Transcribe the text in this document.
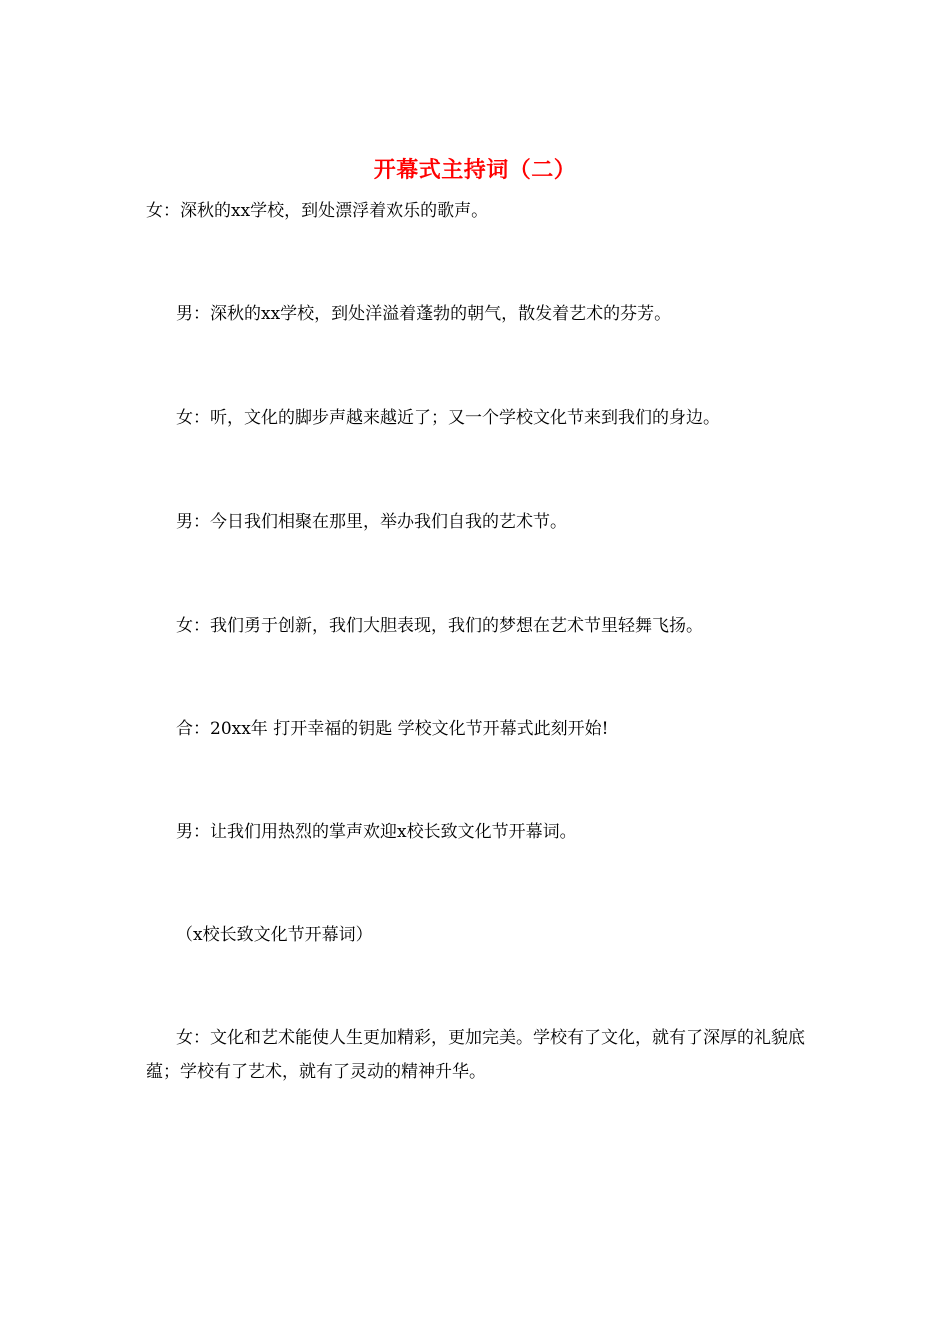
开幕式主持词（二）
女：深秋的xx学校，到处漂浮着欢乐的歌声。
男：深秋的xx学校，到处洋溢着蓬勃的朝气，散发着艺术的芬芳。
女：听，文化的脚步声越来越近了；又一个学校文化节来到我们的身边。
男：今日我们相聚在那里，举办我们自我的艺术节。
女：我们勇于创新，我们大胆表现，我们的梦想在艺术节里轻舞飞扬。
合：20xx年 打开幸福的钥匙 学校文化节开幕式此刻开始!
男：让我们用热烈的掌声欢迎x校长致文化节开幕词。
（x校长致文化节开幕词）
女：文化和艺术能使人生更加精彩，更加完美。学校有了文化，就有了深厚的礼貌底蕴；学校有了艺术，就有了灵动的精神升华。
